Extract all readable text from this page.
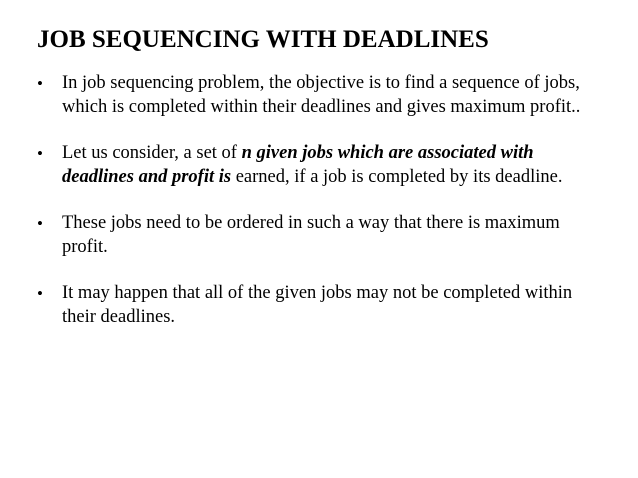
JOB SEQUENCING WITH DEADLINES
• In job sequencing problem, the objective is to find a sequence of jobs, which is completed within their deadlines and gives maximum profit..
• Let us consider, a set of n given jobs which are associated with deadlines and profit is earned, if a job is completed by its deadline.
• These jobs need to be ordered in such a way that there is maximum profit.
• It may happen that all of the given jobs may not be completed within their deadlines.
